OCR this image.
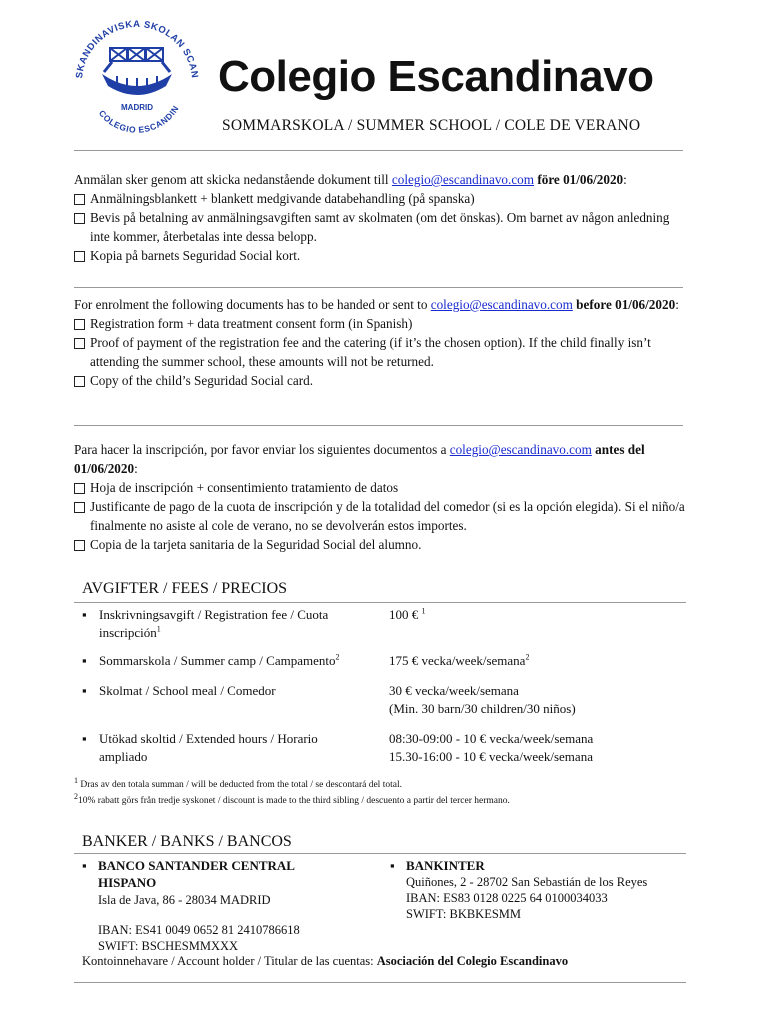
SKANDINAVISKA SKOLAN SCAN
COLEGIO ESCANDIN
MADRID
Colegio Escandinavo
SOMMARSKOLA / SUMMER SCHOOL / COLE DE VERANO

Anmälan sker genom att skicka nedanstående dokument till colegio@escandinavo.com före 01/06/2020:

Anmälningsblankett + blankett medgivande databehandling (på spanska)
Bevis på betalning av anmälningsavgiften samt av skolmaten (om det önskas). Om barnet av någon anledning inte kommer, återbetalas inte dessa belopp.
Kopia på barnets Seguridad Social kort.

For enrolment the following documents has to be handed or sent to colegio@escandinavo.com before 01/06/2020:

Registration form + data treatment consent form (in Spanish)
Proof of payment of the registration fee and the catering (if it’s the chosen option). If the child finally isn’t attending the summer school, these amounts will not be returned.
Copy of the child’s Seguridad Social card.

Para hacer la inscripción, por favor enviar los siguientes documentos a colegio@escandinavo.com antes del 01/06/2020:

Hoja de inscripción + consentimiento tratamiento de datos
Justificante de pago de la cuota de inscripción y de la totalidad del comedor (si es la opción elegida). Si el niño/a finalmente no asiste al cole de verano, no se devolverán estos importes.
Copia de la tarjeta sanitaria de la Seguridad Social del alumno.
AVGIFTER / FEES / PRECIOS
▪ Inskrivningsavgift / Registration fee / Cuota inscripción$^1$
100 € $^1$
▪ Sommarskola / Summer camp / Campamento$^2$	175 € vecka/week/semana$^2$
▪ Skolmat / School meal / Comedor	30 € vecka/week/semana
(Min. 30 barn/30 children/30 niños)
▪ Utökad skoltid / Extended hours / Horario ampliado
08:30-09:00 - 10 € vecka/week/semana
15.30-16:00 - 10 € vecka/week/semana
$^1$ Dras av den totala summan / will be deducted from the total / se descontará del total.
$^2$10% rabatt görs från tredje syskonet / discount is made to the third sibling / descuento a partir del tercer hermano.
BANKER / BANKS / BANCOS
▪ BANCO SANTANDER CENTRAL HISPANO
Isla de Java, 86 - 28034 MADRID
IBAN: ES41 0049 0652 81 2410786618
SWIFT: BSCHESMMXXX
▪ BANKINTER
Quiñones, 2 - 28702 San Sebastián de los Reyes
IBAN: ES83 0128 0225 64 0100034033
SWIFT: BKBKESMM
Kontoinnehavare / Account holder / Titular de las cuentas: Asociación del Colegio Escandinavo
